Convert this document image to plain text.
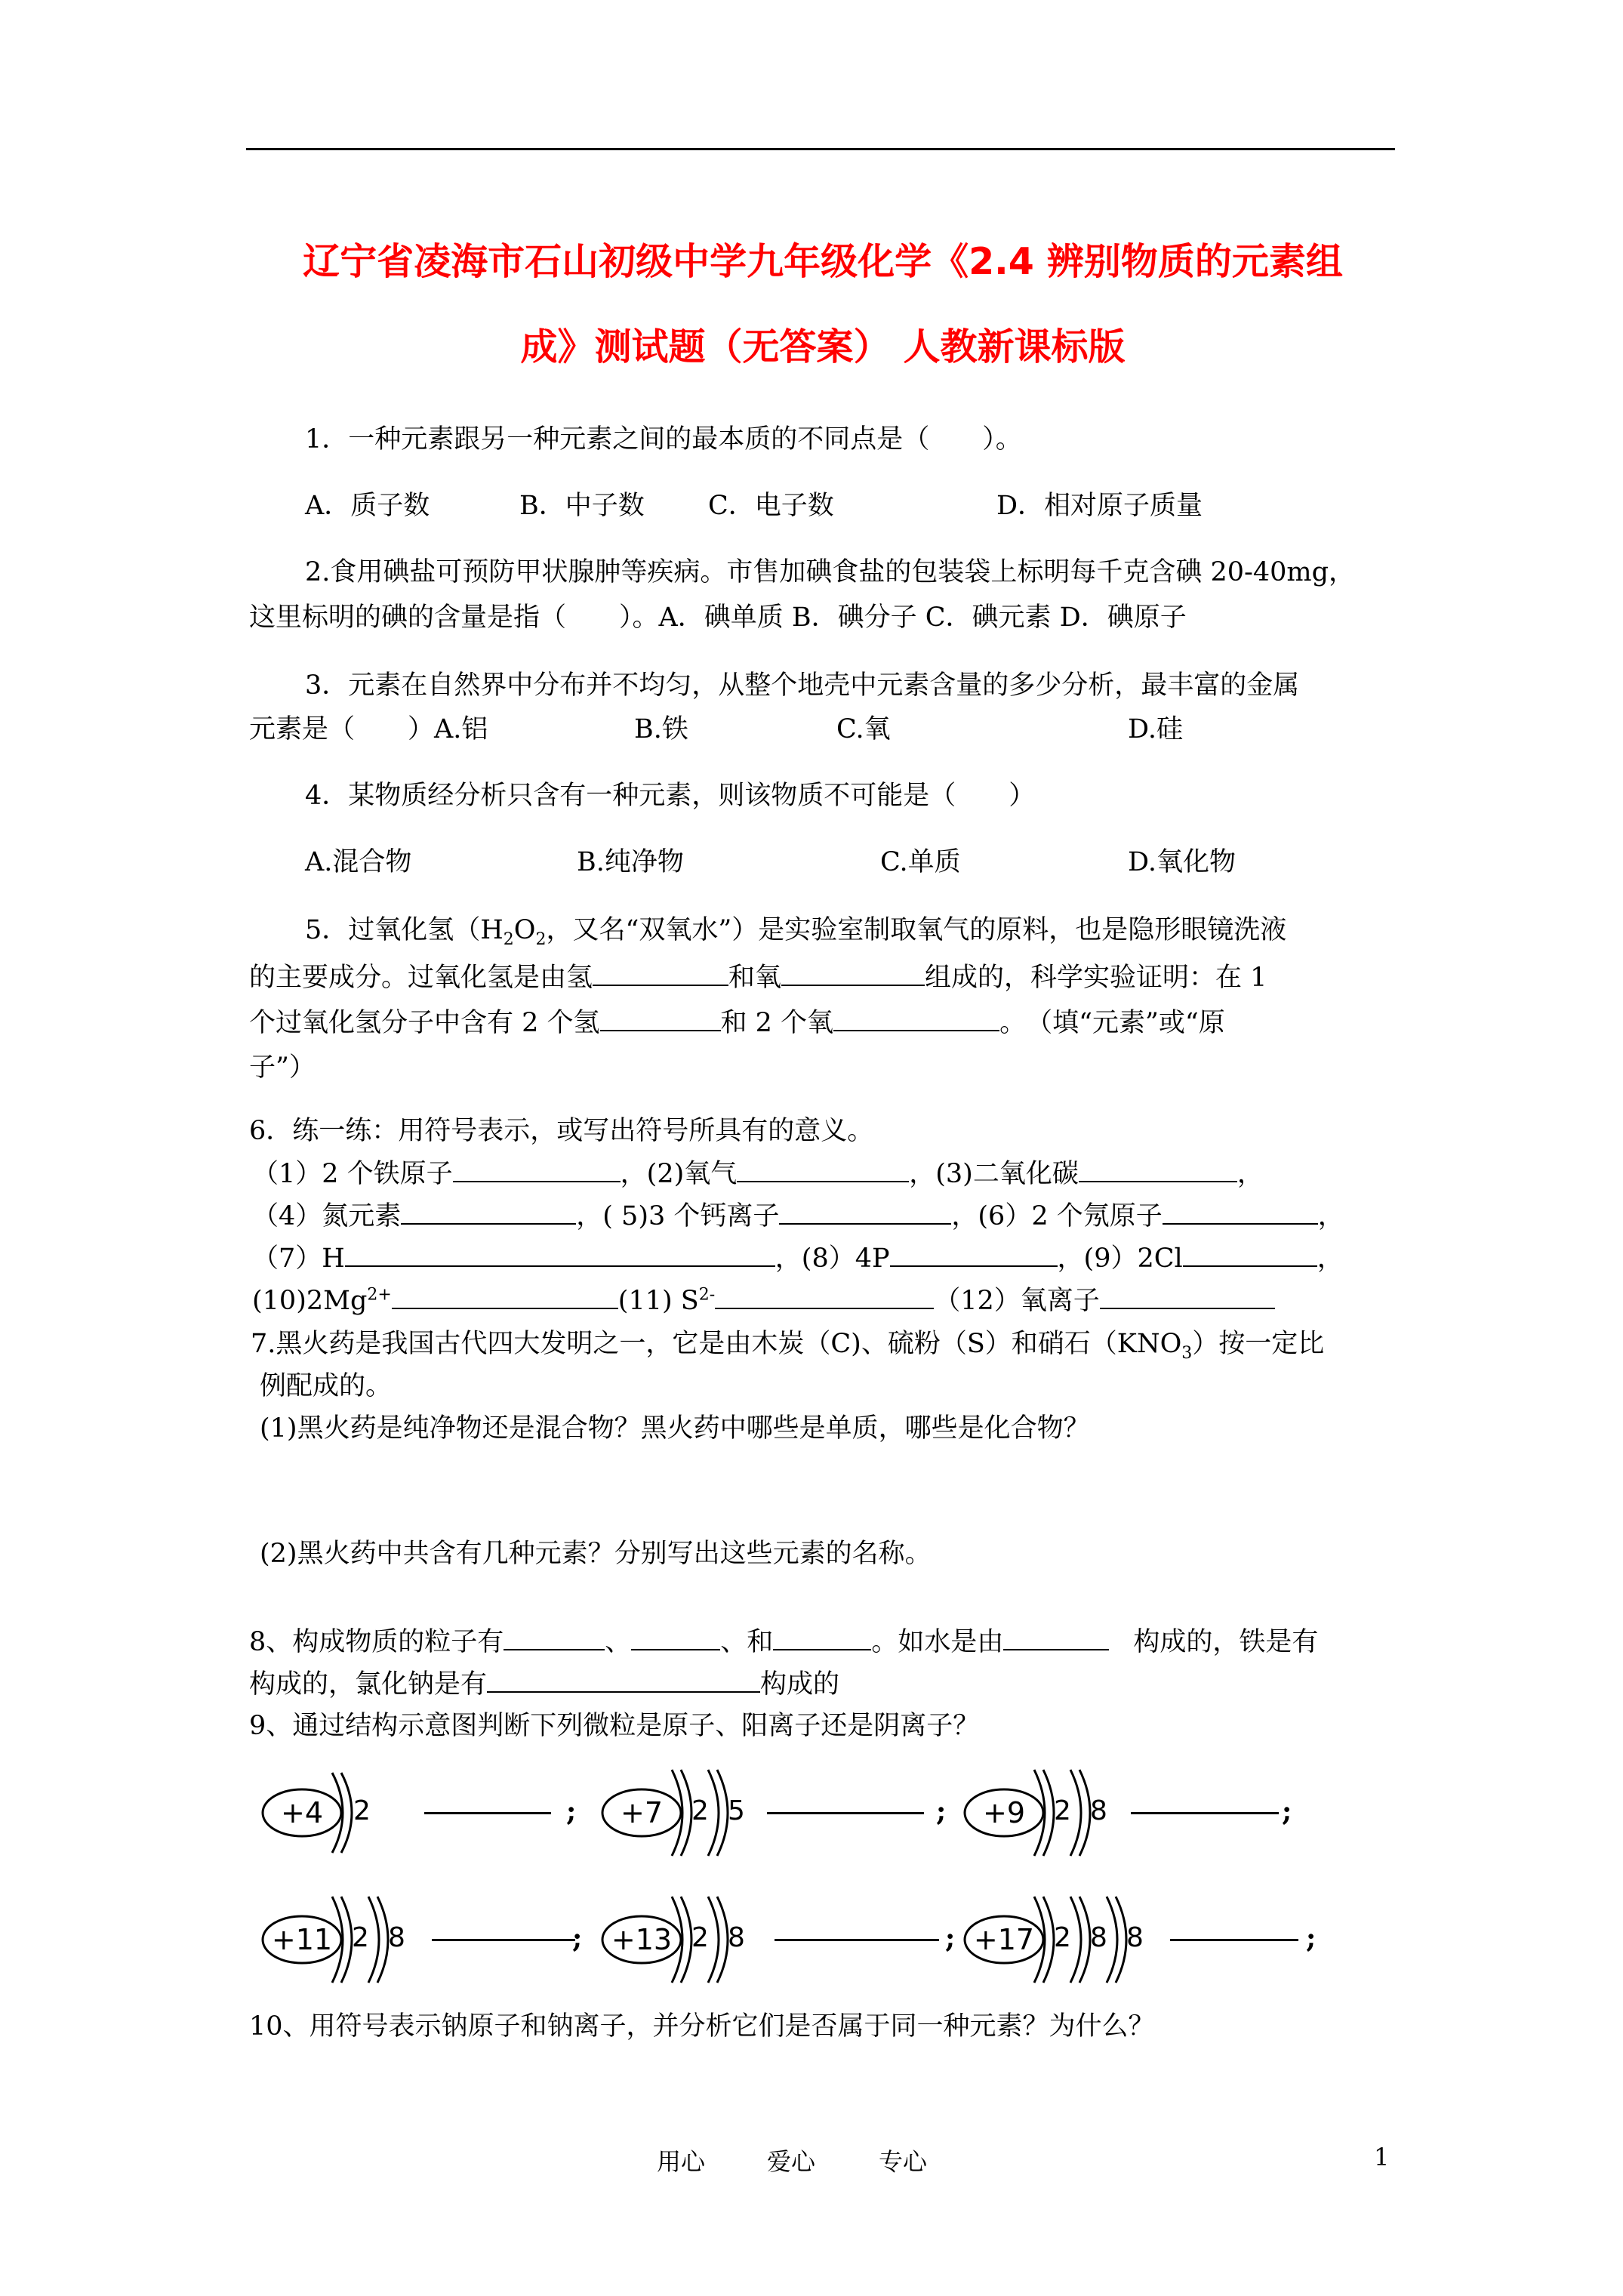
辽宁省凌海市石山初级中学九年级化学《2.4 辨别物质的元素组
成》测试题（无答案） 人教新课标版
1．一种元素跟另一种元素之间的最本质的不同点是（　　）。
A．质子数	B．中子数 C．电子数	D．相对原子质量
2.食用碘盐可预防甲状腺肿等疾病。市售加碘食盐的包装袋上标明每千克含碘 20-40mg，
这里标明的碘的含量是指（　　）。A．碘单质 B．碘分子 C．碘元素 D．碘原子
3．元素在自然界中分布并不均匀，从整个地壳中元素含量的多少分析，最丰富的金属
元素是（　　）A.铝	B.铁	C.氧	D.硅
4．某物质经分析只含有一种元素，则该物质不可能是（　　）
A.混合物	B.纯净物	C.单质	D.氧化物
5．过氧化氢（$H_2O_2$，又名“双氧水”）是实验室制取氧气的原料，也是隐形眼镜洗液
的主要成分。过氧化氢是由氢	和氧	组成的，科学实验证明：在 1
个过氧化氢分子中含有 2 个氢	和 2 个氧	。　（填“元素”或“原
子”）
6．练一练：用符号表示，或写出符号所具有的意义。
（1）2 个铁原子	，(2)氧气	，(3)二氧化碳	，
（4）氮元素	，( 5)3 个钙离子	，(6）2 个氖原子	，
（7）H	，(8）4P	，(9）2Cl	，
$(10)2Mg^{2+}$	(11) $S^{2-}$	（12）氧离子
7.黑火药是我国古代四大发明之一，它是由木炭（C)、硫粉（S）和硝石$(KNO_3)$按一定比
例配成的。
(1)黑火药是纯净物还是混合物？黑火药中哪些是单质，哪些是化合物？
(2)黑火药中共含有几种元素？分别写出这些元素的名称。
8、构成物质的粒子有	、	、和	。如水是由	构成的，铁是有
构成的，氯化钠是有	构成的
9、通过结构示意图判断下列微粒是原子、阳离子还是阴离子？
+4	2	;	+7	2 5	;	+9	2 8	;
+11 2 8	;	+13 2 8	; +17 2 8 8	;
10、用符号表示钠原子和钠离子，并分析它们是否属于同一种元素？为什么？
用心	爱心	专心	1
